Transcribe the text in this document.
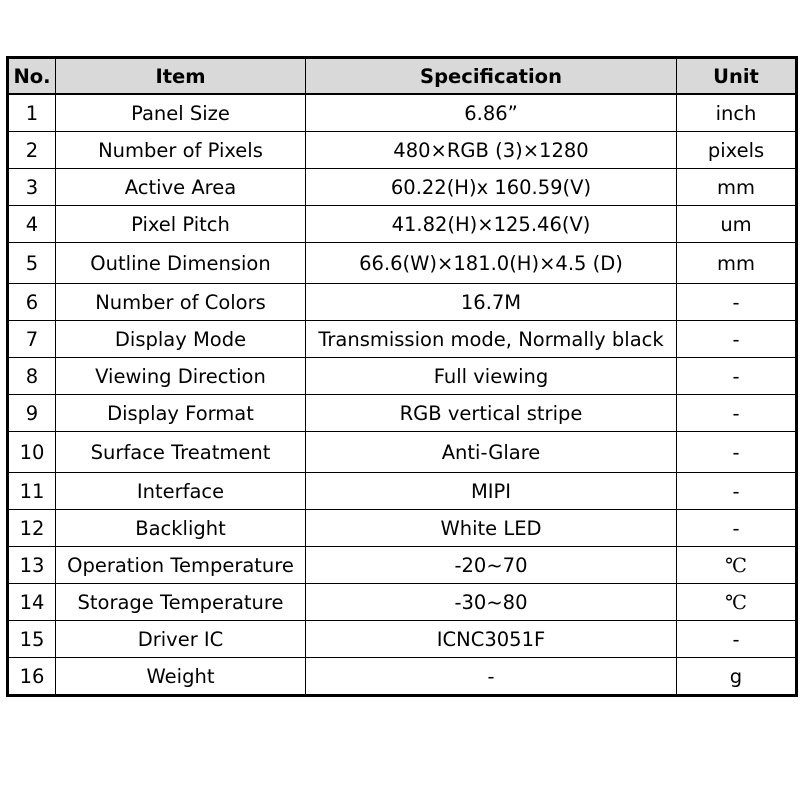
No.	Item	Specification	Unit
1	Panel Size	6.86”	inch
2	Number of Pixels	480×RGB (3)×1280	pixels
3	Active Area	60.22(H)x 160.59(V)	mm
4	Pixel Pitch	41.82(H)×125.46(V)	um
5	Outline Dimension	66.6(W)×181.0(H)×4.5 (D)	mm
6	Number of Colors	16.7M	-
7	Display Mode	Transmission mode, Normally black	-
8	Viewing Direction	Full viewing	-
9	Display Format	RGB vertical stripe	-
10	Surface Treatment	Anti-Glare	-
11	Interface	MIPI	-
12	Backlight	White LED	-
13	Operation Temperature	-20~70	℃
14	Storage Temperature	-30~80	℃
15	Driver IC	ICNC3051F	-
16	Weight	-	g
